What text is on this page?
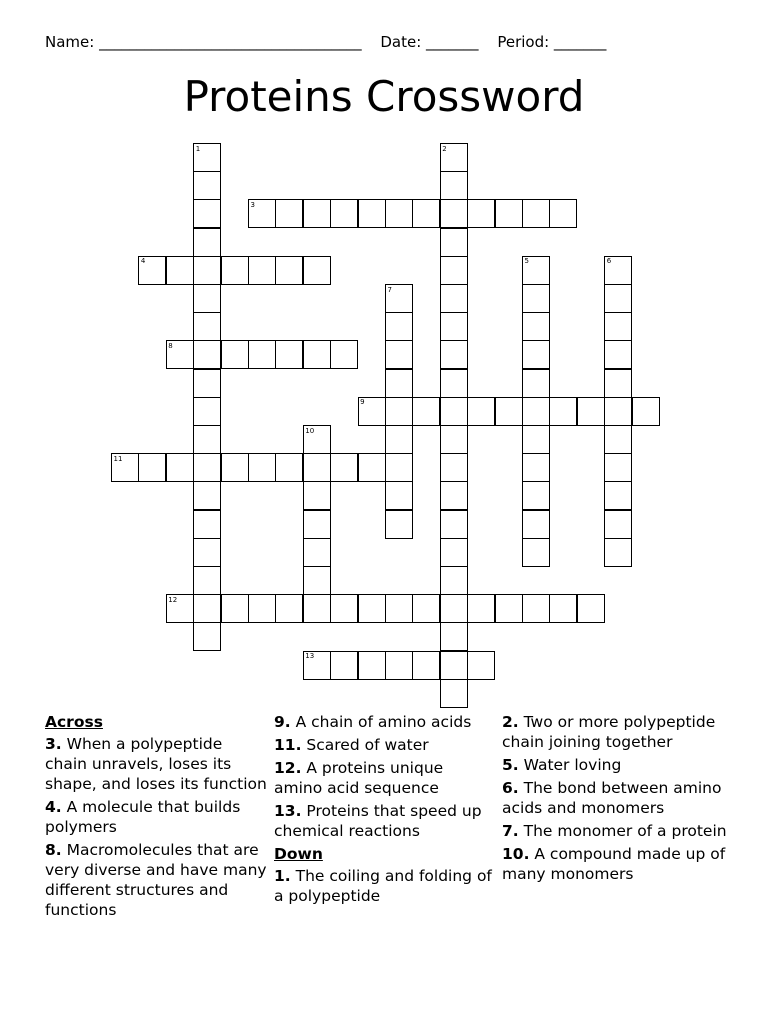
Name: ___________________________________ Date: _______ Period: _______
Proteins Crossword
1	2
3
4	5	6
7
8
9
10
11
12
13
Across
3. When a polypeptide chain unravels, loses its shape, and loses its function
4. A molecule that builds polymers
8. Macromolecules that are very diverse and have many different structures and functions
9. A chain of amino acids
11. Scared of water
12. A proteins unique amino acid sequence
13. Proteins that speed up chemical reactions
Down
1. The coiling and folding of a polypeptide
2. Two or more polypeptide chain joining together
5. Water loving
6. The bond between amino acids and monomers
7. The monomer of a protein
10. A compound made up of many monomers
